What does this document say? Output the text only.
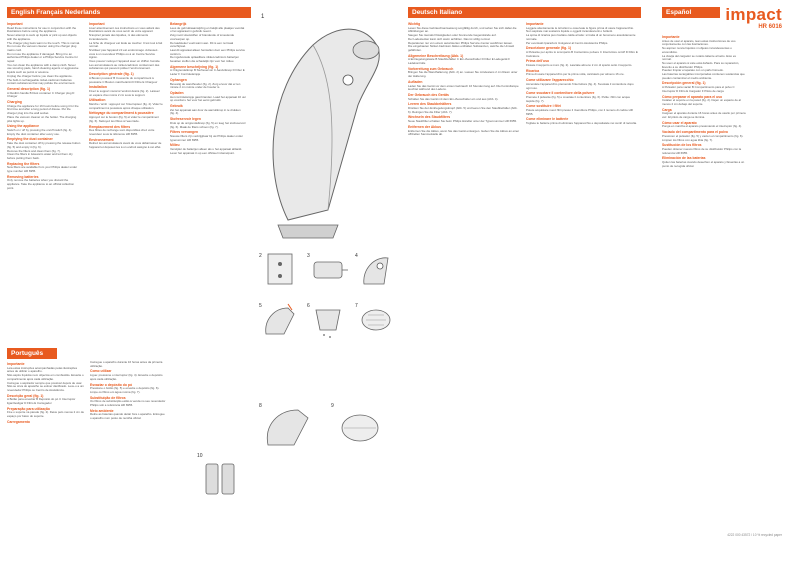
English Français Nederlands	Deutsch Italiano	Español
Português
impact
HR 6016
Important
Read these instructions for use in conjunction with the illustrations before using the appliance.
Never attempt to suck up liquids or pick up wet objects with the appliance.
The charger plug feels warm to the touch. This is normal.
Do not use the vacuum cleaner using the charger plug mains cord.
Do not use the appliance if damaged. Bring it to an authorised Philips dealer or a Philips Service Centre for repair.
You can clean the appliance with a damp cloth. Never use scouring pads, harsh cleaning agents or aggressive liquids such as petrol or acetone.
Unplug the charger before you clean the appliance.
The built-in rechargeable nickel-cadmium batteries contain substances that may pollute the environment.
General description (fig. 1)
A Dustbin handle B Dust container C Charger plug D Charger
Charging
Charge the appliance for 16 hours before using it for the first time and after a long period of disuse. Put the charger plug into the wall socket.
Place the vacuum cleaner on the holder. The charging pilot lights up.
Using the appliance
Switch on / off by pressing the on/off switch (fig. 4).
Empty the dust container after every use.
Emptying the dust container
Take the dust container off by pressing the release button (fig. 5) and empty it (fig. 6).
Remove the filters and clean them (fig. 7).
Clean the filters in lukewarm water and let them dry before putting them back.
Replacing the filters
New filters are available from your Philips dealer under type number HR 6955.
Removing batteries
Only remove the batteries when you discard the appliance. Take the appliance to an official collection point.
Important
Lisez attentivement ces instructions en vous aidant des illustrations avant de vous servir de votre appareil.
N'aspirez jamais des liquides, ni des éléments incandescents.
La fiche du chargeur est tiède au toucher. C'est tout à fait normal.
N'utilisez pas l'appareil s'il est endommagé. Adressez-vous à un revendeur Philips ou à un Centre Service Agréé.
Vous pouvez nettoyer l'appareil avec un chiffon humide.
Les accumulateurs au nickel-cadmium contiennent des substances qui peuvent polluer l'environnement.
Description générale (fig. 1)
A Bouton poussoir B Couvercle du compartiment à poussière C Bouton marche/arrêt D Filtre E Chargeur
Installation
Fixez le support mural à l'endroit désiré (fig. 2). Laissez un espace d'au moins 2 cm sous le support.
Utilisation
Marche / arrêt : appuyez sur l'interrupteur (fig. 4). Videz le compartiment à poussière après chaque utilisation.
Nettoyage du compartiment à poussière
Appuyez sur le bouton (fig. 5) et videz le compartiment (fig. 6). Nettoyez les filtres à l'eau tiède.
Remplacement des filtres
Des filtres de rechange sont disponibles chez votre revendeur sous la référence HR 6955.
Environnement
Retirez les accumulateurs avant de vous débarrasser de l'appareil et déposez-les à un endroit assigné à cet effet.
Belangrijk
Lees de gebruiksaanwijzing en bekijk alle plaatjes voordat u het apparaat in gebruik neemt.
Zuig nooit vloeistoffen of brandende of smeulende voorwerpen op.
De laadsteker voelt warm aan. Dit is een normaal verschijnsel.
Laat dit apparaat alleen herstellen door een Philips service centrum.
De ingebouwde oplaadbare nikkel-cadmium batterijen bevatten stoffen die schadelijk zijn voor het milieu.
Algemene beschrijving (fig. 1)
A Ontgrendelknop B Stofreservoir C Aan/uitknop D Filter E Lader F Controlelampje
Ophangen
Bevestig de wandhouder (fig. 2). Zorg ervoor dat er ten minste 2 cm ruimte onder de houder is.
Opladen
Het controlelampje gaat branden. Laad het apparaat 16 uur op voordat u het voor het eerst gebruikt.
Gebruik
Zet het apparaat aan door de aan/uitknop in te drukken (fig. 4).
Stofreservoir legen
Druk op de ontgrendelknop (fig. 5) en leeg het stofreservoir (fig. 6). Maak de filters schoon (fig. 7).
Filters vervangen
Nieuwe filters zijn verkrijgbaar bij uw Philips dealer onder typenummer HR 6955.
Milieu
Verwijder de batterijen alleen als u het apparaat afdankt. Lever het apparaat in op een officieel inzamelpunt.
Importante
Leia estas instruções acompanhadas pelas ilustrações antes de utilizar o aparelho.
Não aspire líquidos nem objectos em combustão. Esvazie o compartimento após cada utilização.
Carregue o aspirador sempre que possível depois de usar.
Não se sirva do aparelho se estiver danificado. Leve-o a um revendedor Philips ou Centro de Assistência.
Descrição geral (fig. 1)
A Botão para esvaziar B Depósito do pó C Interruptor ligar/desligar D Filtro E Carregador
Preparação para utilização
Fixe o suporte na parede (fig. 2). Deixe pelo menos 2 cm de espaço por baixo do suporte.
Carregamento
Carregue o aparelho durante 16 horas antes da primeira utilização.
Como utilizar
Ligue: pressione o interruptor (fig. 4). Esvazie o depósito após cada utilização.
Esvaziar o depósito do pó
Pressione o botão (fig. 5) e esvazie o depósito (fig. 6). Limpe os filtros em água morna (fig. 7).
Substituição de filtros
Os filtros de substituição estão à venda no seu revendedor Philips sob a referência HR 6955.
Meio ambiente
Retire as baterias quando deitar fora o aparelho. Entregue o aparelho num posto de recolha oficial.
Wichtig
Lesen Sie diese Gebrauchsanweisung sorgfältig durch, und sehen Sie sich dabei die Abbildungen an.
Saugen Sie niemals Flüssigkeiten oder brennende Gegenstände auf.
Der Ladestecker kann sich warm anfühlen. Das ist völlig normal.
Reparaturen nur von einem autorisierten Philips Service-Center ausführen lassen.
Die eingebauten Nickel-Cadmium Akkus enthalten Substanzen, welche die Umwelt gefährden.
Allgemeine Beschreibung (Abb. 1)
A Entriegelungstaste B Staubbehälter C Ein-/Ausschalter D Filter E Ladegerät F Ladekontrolle
Vorbereitung zum Gebrauch
Bringen Sie die Wandhalterung (Abb. 2) an. Lassen Sie mindestens 2 cm Raum unter der Halterung.
Aufladen
Laden Sie das Gerät vor dem ersten Gebrauch 16 Stunden lang auf. Die Kontrollampe leuchtet während des Ladens.
Der Gebrauch des Geräts
Schalten Sie das Gerät mit dem Ein-/Ausschalter ein und aus (Abb. 4).
Leeren des Staubbehälters
Drücken Sie den Entriegelungsknopf (Abb. 5) und leeren Sie den Staubbehälter (Abb. 6). Reinigen Sie die Filter (Abb. 7).
Wechseln des Staubfilters
Neue Staubfilter erhalten Sie beim Philips Händler unter der Typennummer HR 6955.
Entfernen der Akkus
Entfernen Sie die Akkus, wenn Sie das Gerät entsorgen. Geben Sie die Akkus an einer offiziellen Sammelstelle ab.
Importante
Leggete attentamente le istruzioni e osservate le figure prima di usare l'apparecchio.
Non aspirate mai sostanze liquide o oggetti incandescenti o bollenti.
La spina di ricarica può risultare calda al tatto: si tratta di un fenomeno assolutamente normale.
Per eventuali riparazioni rivolgetevi al Centro Assistenza Philips.
Descrizione generale (fig. 1)
A Pulsante per aprire lo scomparto B Contenitore polvere C Interruttore on/off D Filtro E Caricatore
Prima dell'uso
Fissate il supporto a muro (fig. 2). Lasciate almeno 2 cm di spazio sotto il supporto.
Ricarica
Prima di usare l'apparecchio per la prima volta, caricatelo per almeno 16 ore.
Come utilizzare l'apparecchio
Accendete l'apparecchio premendo l'interruttore (fig. 4). Svuotate il contenitore dopo ogni uso.
Come svuotare il contenitore della polvere
Premete il pulsante (fig. 5) e svuotate il contenitore (fig. 6). Pulite i filtri con acqua tiepida (fig. 7).
Come sostituire i filtri
Potete acquistare nuovi filtri presso il rivenditore Philips, con il numero di codice HR 6955.
Come eliminare le batterie
Togliete le batterie prima di eliminare l'apparecchio e depositatele nei centri di raccolta.
Importante
Antes de usar el aparato, lean estas instrucciones de uso conjuntamente con las ilustraciones.
No aspiren nunca líquidos ni objetos incandescentes o encendidos.
La clavija del cargador se notará caliente al tacto. Esto es normal.
No usen el aparato si éste está dañado. Para su reparación, llévenlo a su distribuidor Philips.
Pueden limpiar el aparato con un paño húmedo.
Las baterías recargables incorporadas contienen sustancias que pueden contaminar el medio ambiente.
Descripción general (fig. 1)
A Pulsador para vaciar B Compartimento para el polvo C Interruptor D Filtro E Cargador F Piloto de carga
Cómo preparar el aparato para el uso
Instalen el soporte en la pared (fig. 2). Dejen un espacio de al menos 2 cm debajo del soporte.
Carga
Carguen el aparato durante 16 horas antes de usarlo por primera vez. El piloto de carga se ilumina.
Cómo usar el aparato
Ponga en marcha el aparato presionando el interruptor (fig. 4).
Vaciado del compartimento para el polvo
Presionen el pulsador (fig. 5) y vacíen el compartimento (fig. 6). Limpien los filtros con agua tibia (fig. 7).
Sustitución de los filtros
Pueden obtener nuevos filtros de su distribuidor Philips con la referencia HR 6955.
Eliminación de las baterías
Quiten las baterías cuando desechen el aparato y llévenlas a un punto de recogida oficial.
1
2	3	4
5	6	7
8	9
10
4222 000 43572 / 10 % recycled paper
